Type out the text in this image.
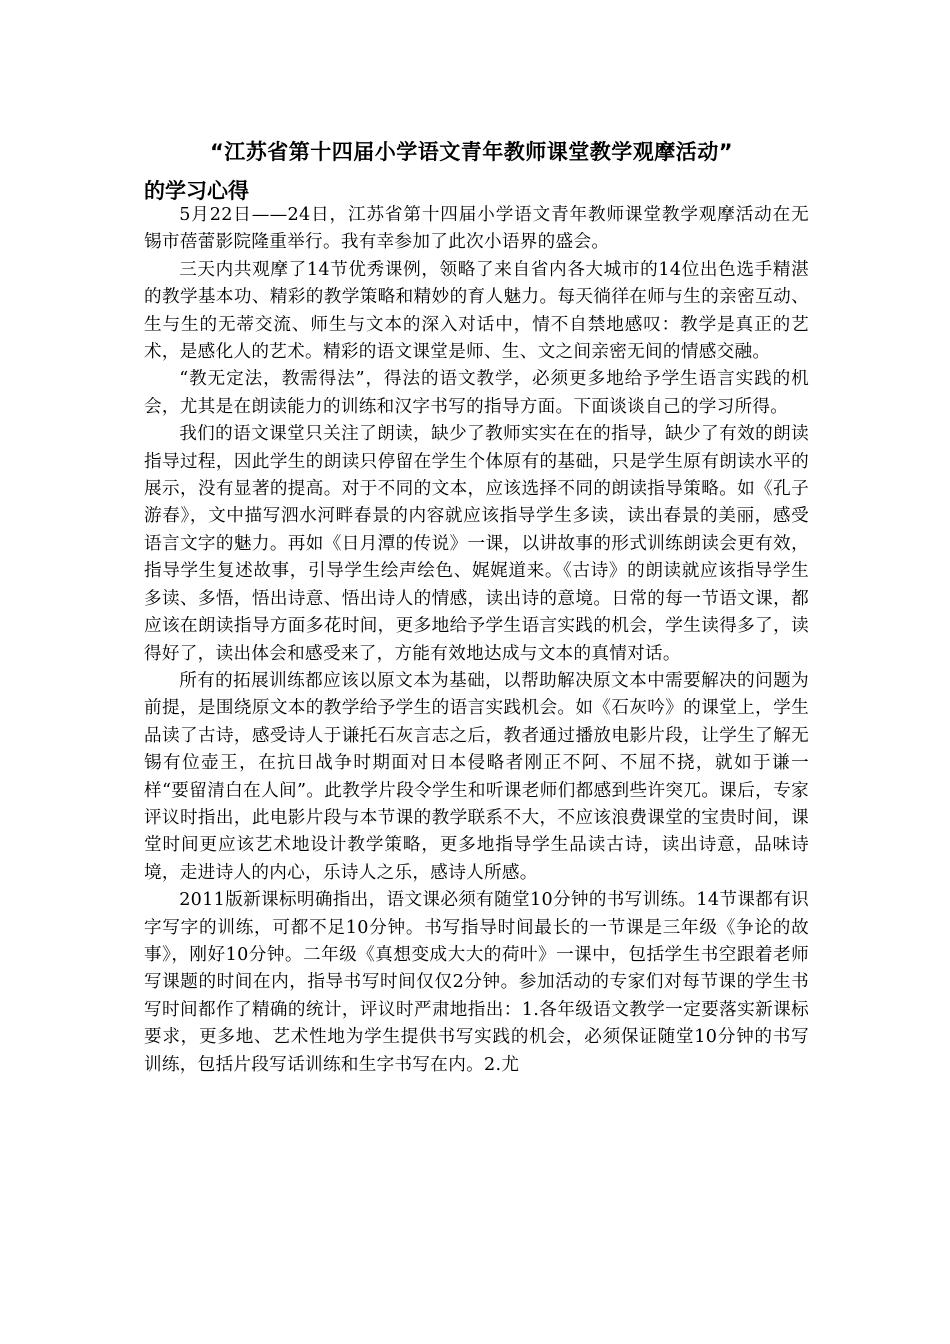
“江苏省第十四届小学语文青年教师课堂教学观摩活动”
的学习心得

5月22日——24日，江苏省第十四届小学语文青年教师课堂教学观摩活动在无锡市蓓蕾影院隆重举行。我有幸参加了此次小语界的盛会。

三天内共观摩了14节优秀课例，领略了来自省内各大城市的14位出色选手精湛的教学基本功、精彩的教学策略和精妙的育人魅力。每天徜徉在师与生的亲密互动、生与生的无蒂交流、师生与文本的深入对话中，情不自禁地感叹：教学是真正的艺术，是感化人的艺术。精彩的语文课堂是师、生、文之间亲密无间的情感交融。

“教无定法，教需得法”，得法的语文教学，必须更多地给予学生语言实践的机会，尤其是在朗读能力的训练和汉字书写的指导方面。下面谈谈自己的学习所得。

我们的语文课堂只关注了朗读，缺少了教师实实在在的指导，缺少了有效的朗读指导过程，因此学生的朗读只停留在学生个体原有的基础，只是学生原有朗读水平的展示，没有显著的提高。对于不同的文本，应该选择不同的朗读指导策略。如《孔子游春》，文中描写泗水河畔春景的内容就应该指导学生多读，读出春景的美丽，感受语言文字的魅力。再如《日月潭的传说》一课，以讲故事的形式训练朗读会更有效，指导学生复述故事，引导学生绘声绘色、娓娓道来。《古诗》的朗读就应该指导学生多读、多悟，悟出诗意、悟出诗人的情感，读出诗的意境。日常的每一节语文课，都应该在朗读指导方面多花时间，更多地给予学生语言实践的机会，学生读得多了，读得好了，读出体会和感受来了，方能有效地达成与文本的真情对话。

所有的拓展训练都应该以原文本为基础，以帮助解决原文本中需要解决的问题为前提，是围绕原文本的教学给予学生的语言实践机会。如《石灰吟》的课堂上，学生品读了古诗，感受诗人于谦托石灰言志之后，教者通过播放电影片段，让学生了解无锡有位壶王，在抗日战争时期面对日本侵略者刚正不阿、不屈不挠，就如于谦一样“要留清白在人间”。此教学片段令学生和听课老师们都感到些许突兀。课后，专家评议时指出，此电影片段与本节课的教学联系不大，不应该浪费课堂的宝贵时间，课堂时间更应该艺术地设计教学策略，更多地指导学生品读古诗，读出诗意，品味诗境，走进诗人的内心，乐诗人之乐，感诗人所感。

2011版新课标明确指出，语文课必须有随堂10分钟的书写训练。14节课都有识字写字的训练，可都不足10分钟。书写指导时间最长的一节课是三年级《争论的故事》，刚好10分钟。二年级《真想变成大大的荷叶》一课中，包括学生书空跟着老师写课题的时间在内，指导书写时间仅仅2分钟。参加活动的专家们对每节课的学生书写时间都作了精确的统计，评议时严肃地指出：1.各年级语文教学一定要落实新课标要求，更多地、艺术性地为学生提供书写实践的机会，必须保证随堂10分钟的书写训练，包括片段写话训练和生字书写在内。2.尤
